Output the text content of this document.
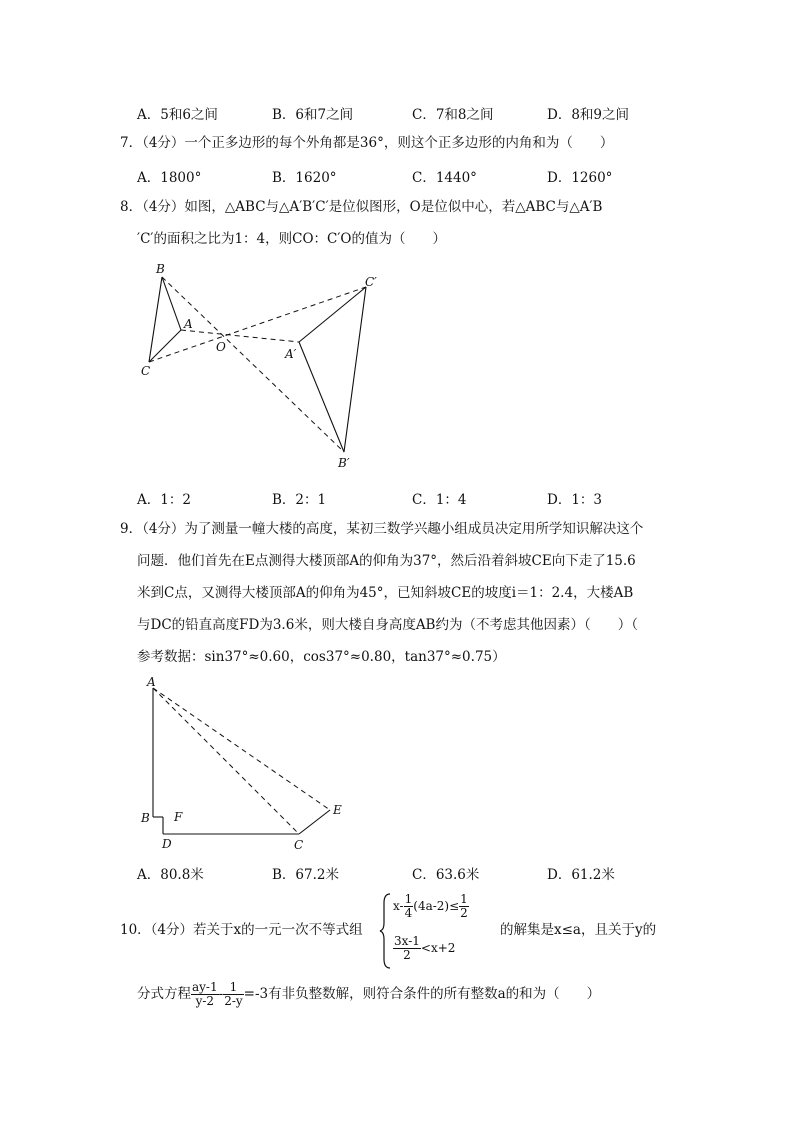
A．5和6之间	B．6和7之间	C．7和8之间	D．8和9之间
7．（4分）一个正多边形的每个外角都是36°，则这个正多边形的内角和为（　　）
A．1800°	B．1620°	C．1440°	D．1260°
8．（4分）如图，△ABC与△A′B′C′是位似图形，O是位似中心，若△ABC与△A′B
′C′的面积之比为1：4，则CO：C′O的值为（　　）
B
A
C
O	A′
B′
C′
A．1：2	B．2：1	C．1：4	D．1：3
9．（4分）为了测量一幢大楼的高度，某初三数学兴趣小组成员决定用所学知识解决这个
问题．他们首先在E点测得大楼顶部A的仰角为37°，然后沿着斜坡CE向下走了15.6
米到C点，又测得大楼顶部A的仰角为45°，已知斜坡CE的坡度i＝1：2.4，大楼AB
与DC的铅直高度FD为3.6米，则大楼自身高度AB约为（不考虑其他因素）（　　）（
参考数据：sin37°≈0.60，cos37°≈0.80，tan37°≈0.75）
A
B F
D	C
E
A．80.8米	B．67.2米	C．63.6米	D．61.2米
10．（4分）若关于x的一元一次不等式组
$x- \frac{1}{4} (4a-2)\le \frac{1}{2}$
$\frac{3x-1}{2} <x+2$
的解集是x≤a，且关于y的
分式方程 $\frac{ay-1}{y-2} - \frac{1}{2-y} =-3$有非负整数解，则符合条件的所有整数a的和为（　　）
